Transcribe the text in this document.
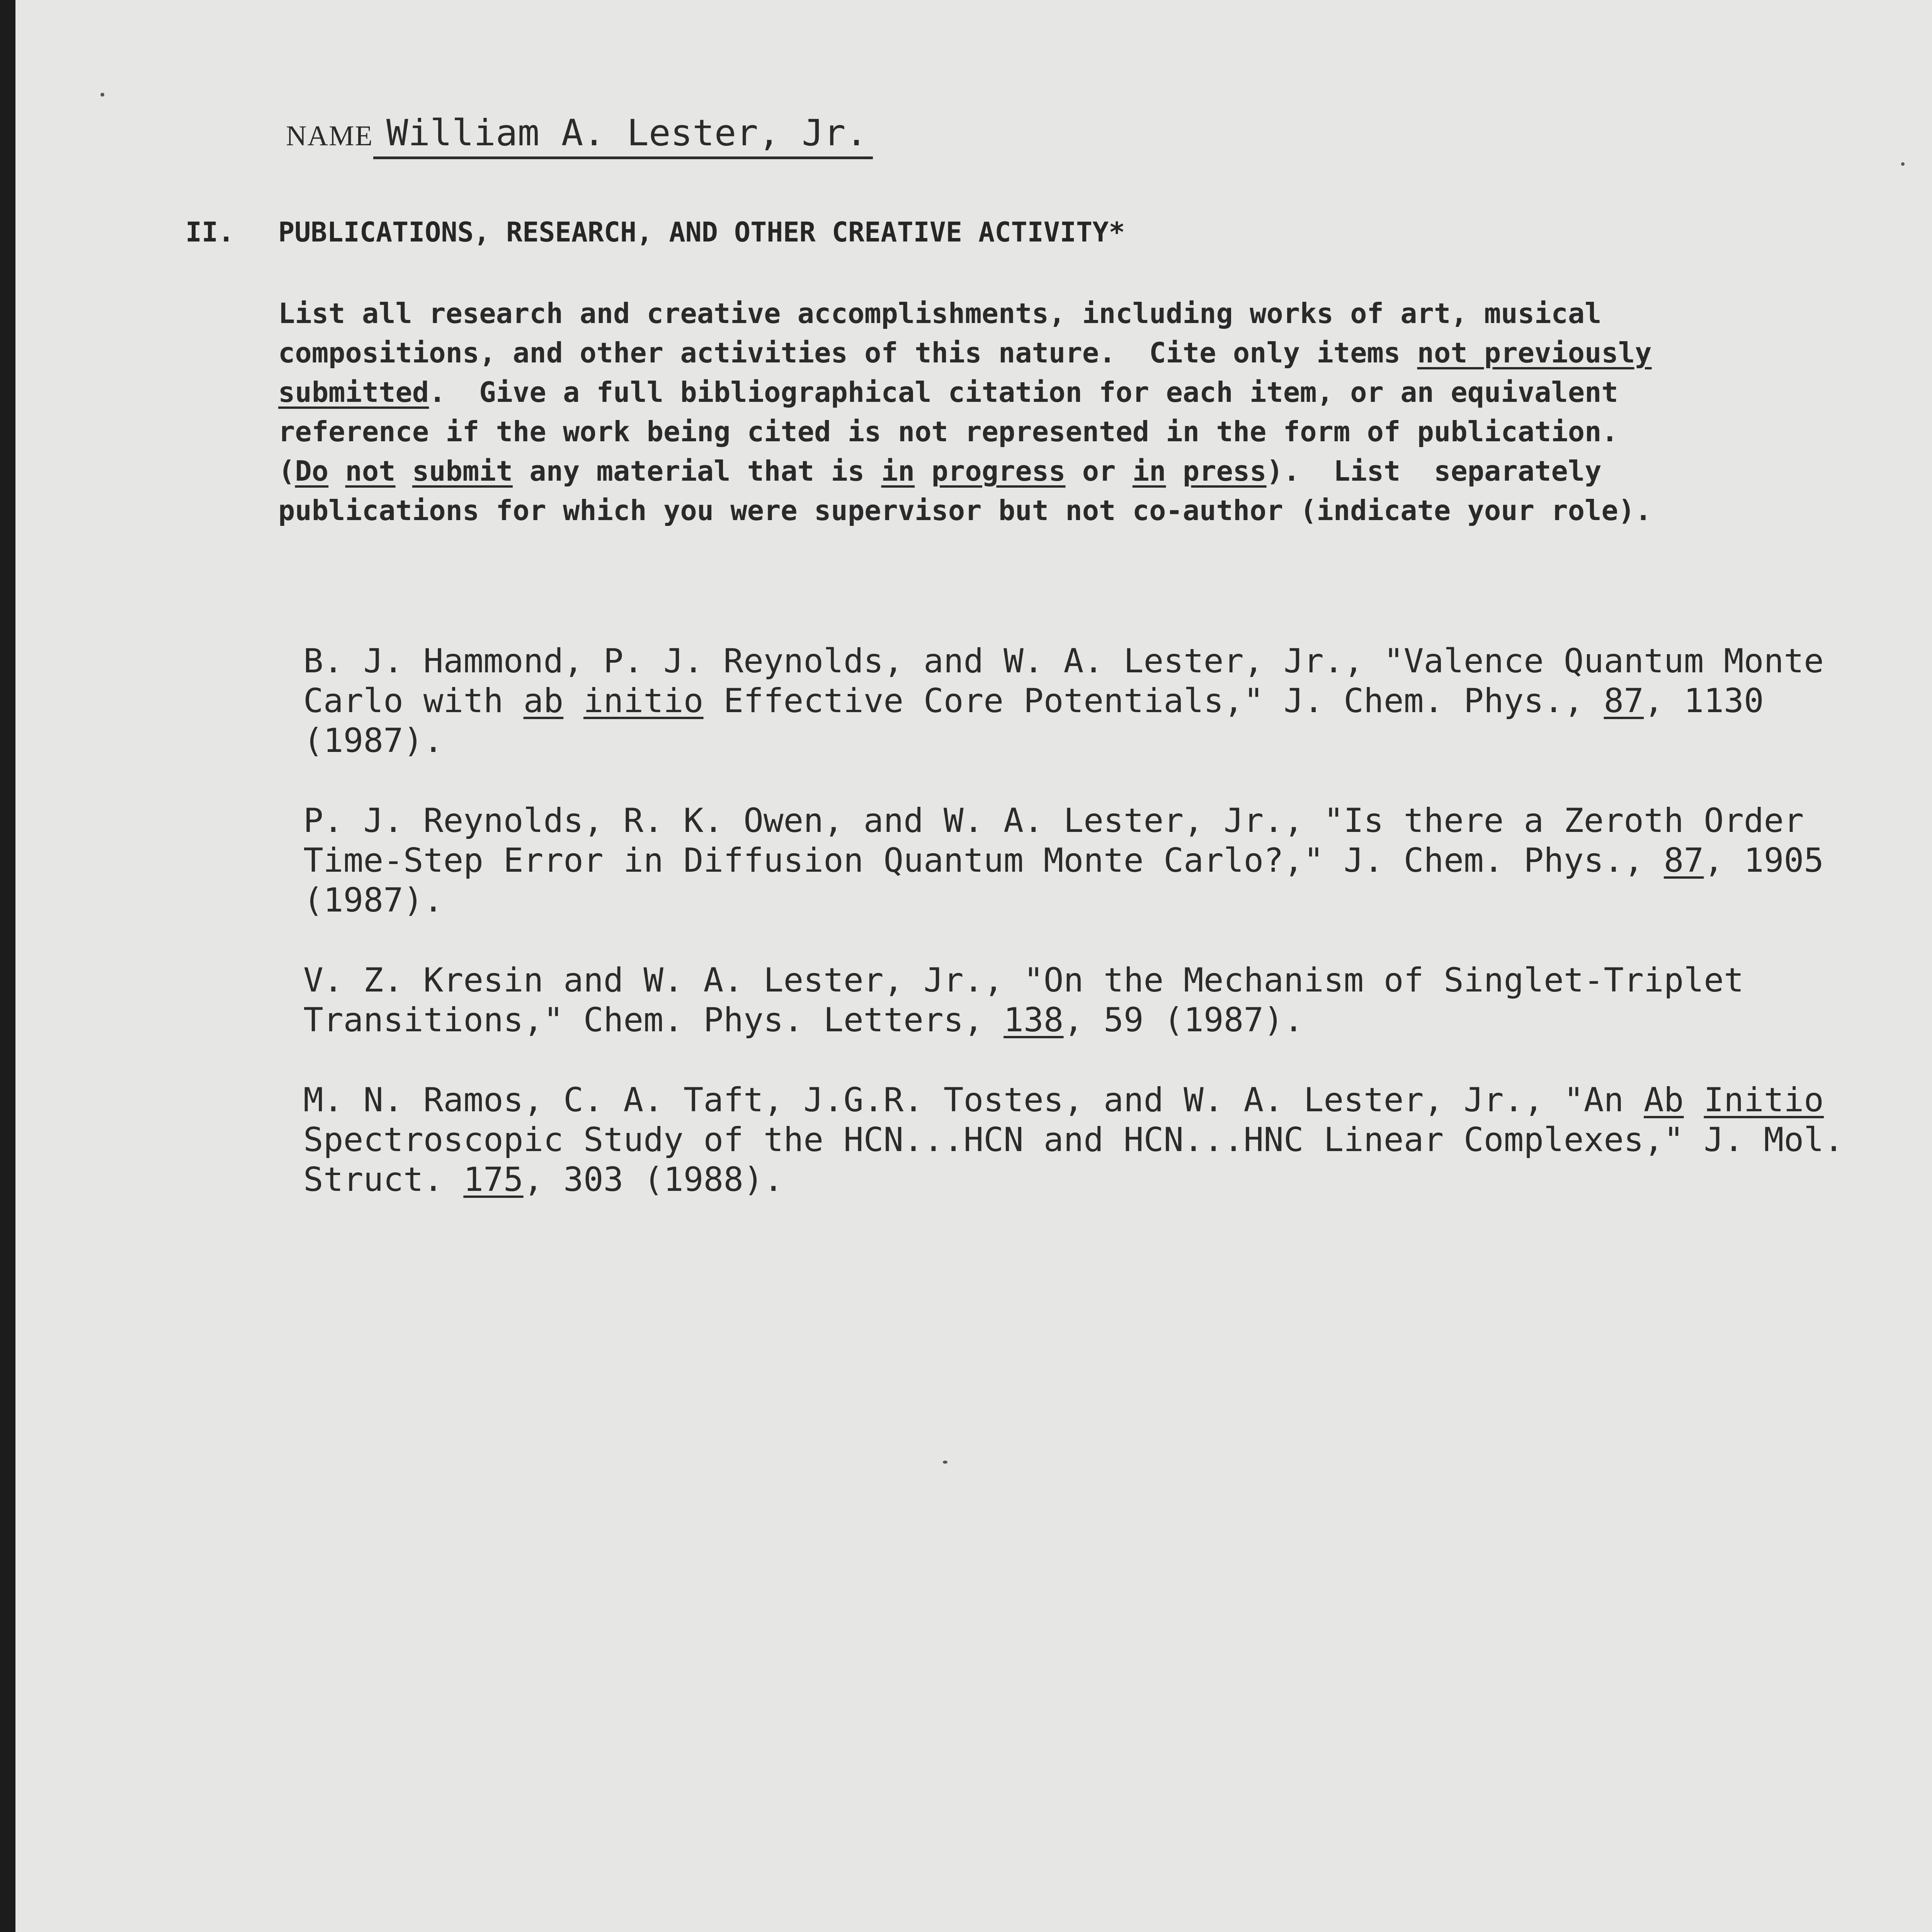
NAME William A. Lester, Jr.
II. PUBLICATIONS, RESEARCH, AND OTHER CREATIVE ACTIVITY*
List all research and creative accomplishments, including works of art, musical
compositions, and other activities of this nature.  Cite only items not previously
submitted.  Give a full bibliographical citation for each item, or an equivalent
reference if the work being cited is not represented in the form of publication.
(Do not submit any material that is in progress or in press).  List  separately
publications for which you were supervisor but not co-author (indicate your role).
B. J. Hammond, P. J. Reynolds, and W. A. Lester, Jr., "Valence Quantum Monte
Carlo with ab initio Effective Core Potentials," J. Chem. Phys., 87, 1130
(1987).
P. J. Reynolds, R. K. Owen, and W. A. Lester, Jr., "Is there a Zeroth Order
Time-Step Error in Diffusion Quantum Monte Carlo?," J. Chem. Phys., 87, 1905
(1987).
V. Z. Kresin and W. A. Lester, Jr., "On the Mechanism of Singlet-Triplet
Transitions," Chem. Phys. Letters, 138, 59 (1987).
M. N. Ramos, C. A. Taft, J.G.R. Tostes, and W. A. Lester, Jr., "An Ab Initio
Spectroscopic Study of the HCN...HCN and HCN...HNC Linear Complexes," J. Mol.
Struct. 175, 303 (1988).
